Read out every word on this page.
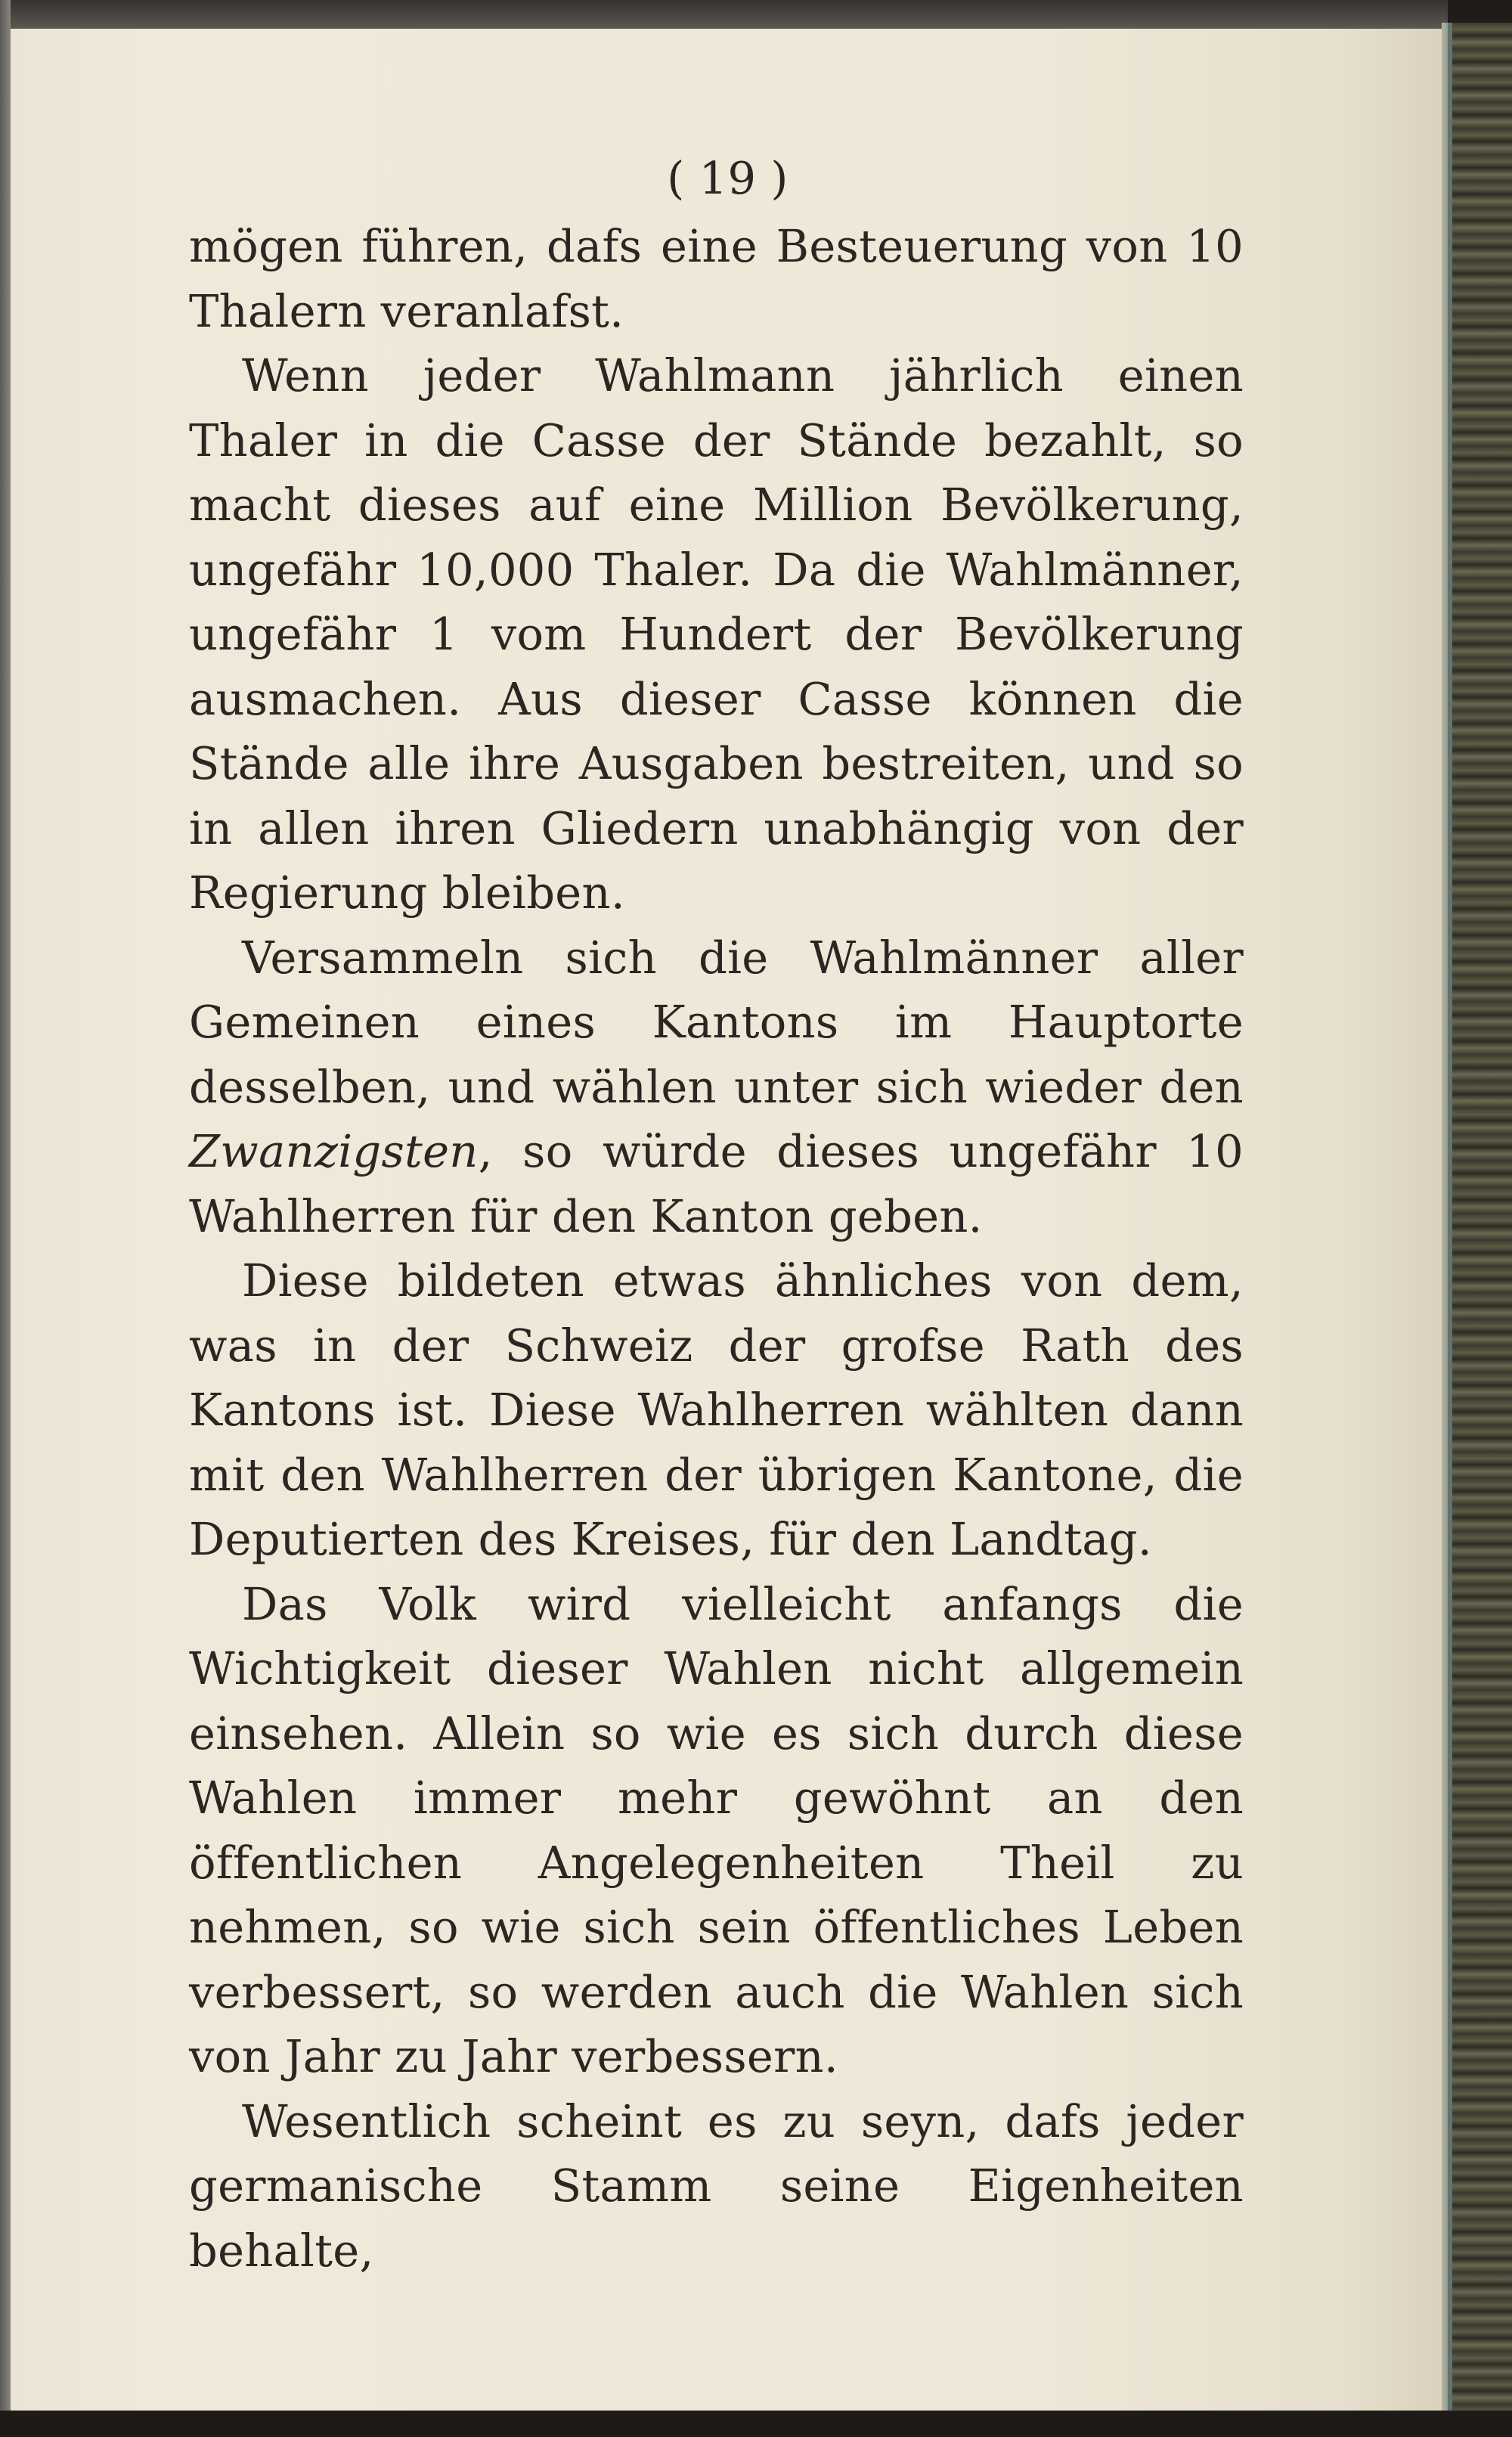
( 19 )

mögen führen, dafs eine Besteuerung von 10 Thalern veranlafst.

Wenn jeder Wahlmann jährlich einen Thaler in die Casse der Stände bezahlt, so macht dieses auf eine Million Bevölkerung, ungefähr 10,000 Thaler. Da die Wahlmänner, ungefähr 1 vom Hundert der Bevölkerung ausmachen. Aus dieser Casse können die Stände alle ihre Ausgaben bestreiten, und so in allen ihren Gliedern unabhängig von der Regierung bleiben.

Versammeln sich die Wahlmänner aller Gemeinen eines Kantons im Hauptorte desselben, und wählen unter sich wieder den Zwanzigsten, so würde dieses ungefähr 10 Wahlherren für den Kanton geben.

Diese bildeten etwas ähnliches von dem, was in der Schweiz der grofse Rath des Kantons ist. Diese Wahlherren wählten dann mit den Wahlherren der übrigen Kantone, die Deputierten des Kreises, für den Landtag.

Das Volk wird vielleicht anfangs die Wichtigkeit dieser Wahlen nicht allgemein einsehen. Allein so wie es sich durch diese Wahlen immer mehr gewöhnt an den öffentlichen Angelegenheiten Theil zu nehmen, so wie sich sein öffentliches Leben verbessert, so werden auch die Wahlen sich von Jahr zu Jahr verbessern.

Wesentlich scheint es zu seyn, dafs jeder germanische Stamm seine Eigenheiten behalte,
